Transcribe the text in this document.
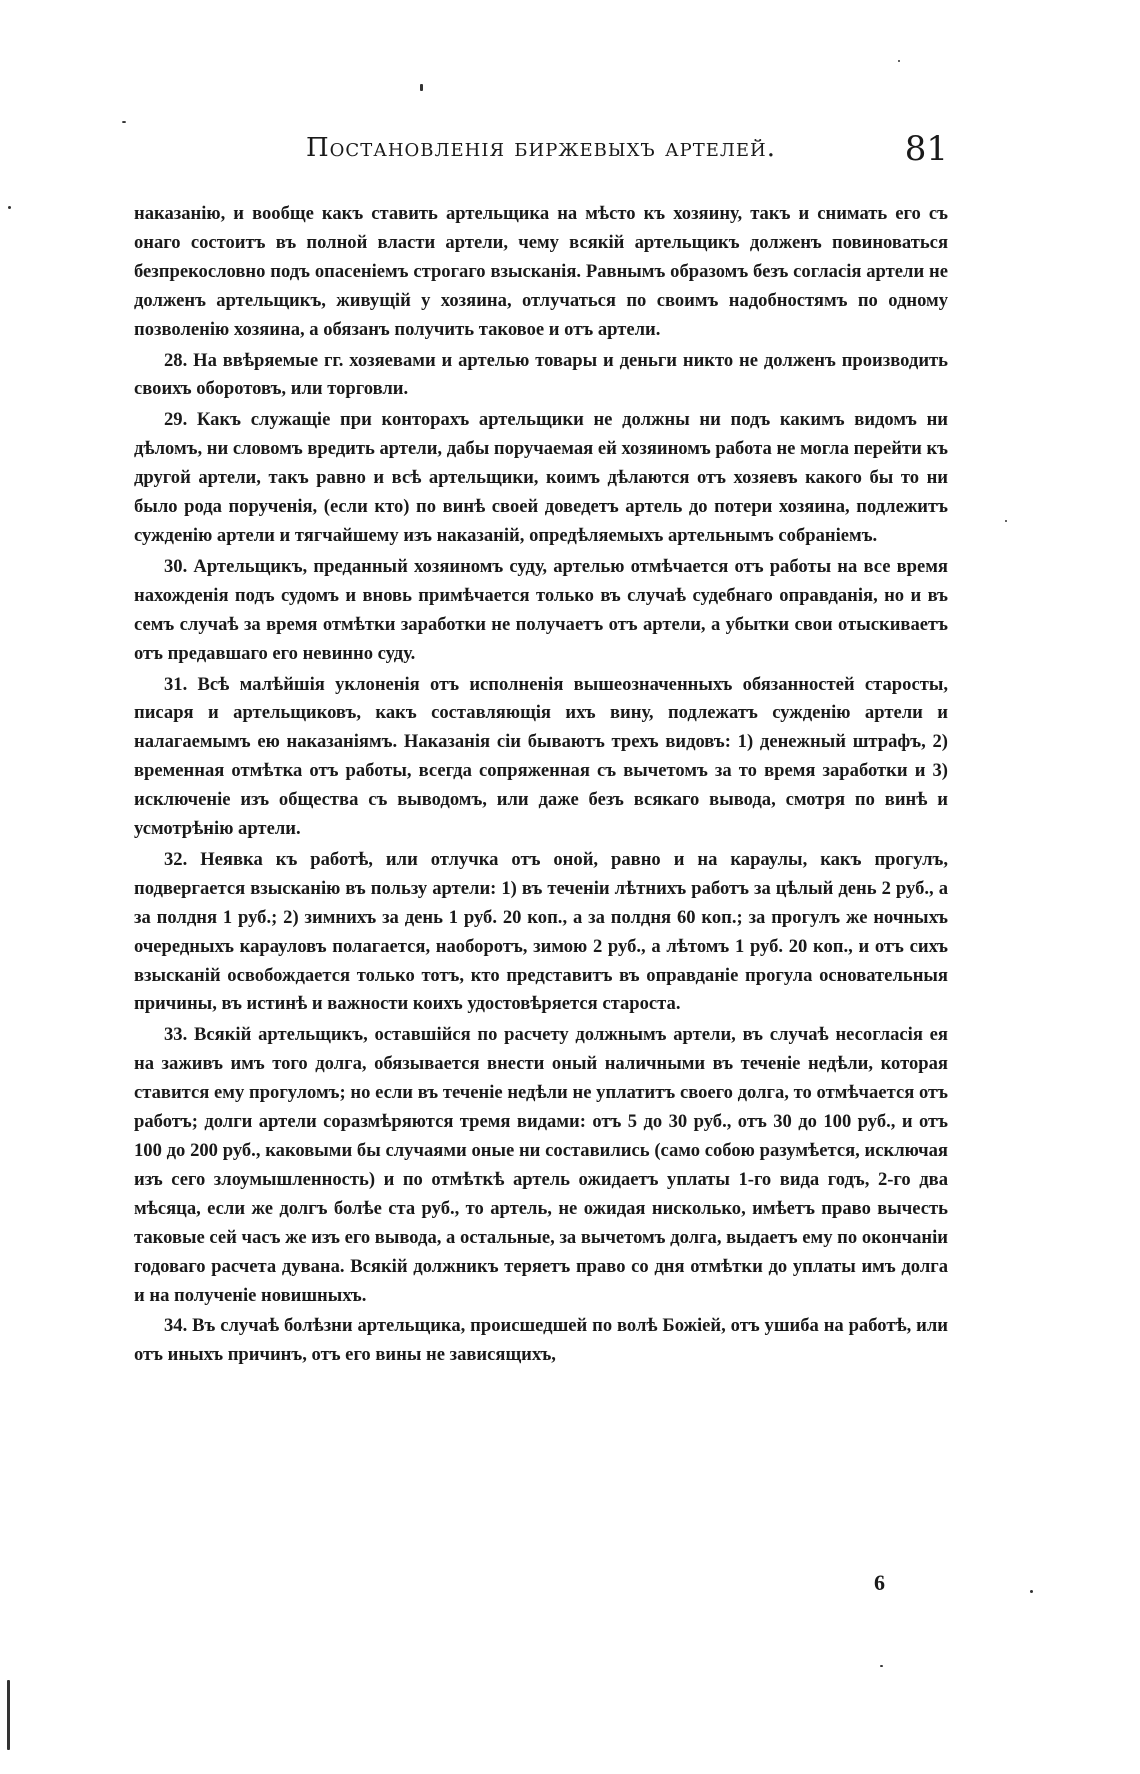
Постановленія биржевыхъ артелей.	81

наказанію, и вообще какъ ставить артельщика на мѣсто къ хозяину, такъ и снимать его съ онаго состоитъ въ полной власти артели, чему всякій артельщикъ долженъ повиноваться безпрекословно подъ опасеніемъ строгаго взысканія. Равнымъ образомъ безъ согласія артели не долженъ артельщикъ, живущій у хозяина, отлучаться по своимъ надобностямъ по одному позволенію хозяина, а обязанъ получить таковое и отъ артели.

28. На ввѣряемые гг. хозяевами и артелью товары и деньги никто не долженъ производить своихъ оборотовъ, или торговли.

29. Какъ служащіе при конторахъ артельщики не должны ни подъ какимъ видомъ ни дѣломъ, ни словомъ вредить артели, дабы поручаемая ей хозяиномъ работа не могла перейти къ другой артели, такъ равно и всѣ артельщики, коимъ дѣлаются отъ хозяевъ какого бы то ни было рода порученія, (если кто) по винѣ своей доведетъ артель до потери хозяина, подлежитъ сужденію артели и тягчайшему изъ наказаній, опредѣляемыхъ артельнымъ собраніемъ.

30. Артельщикъ, преданный хозяиномъ суду, артелью отмѣчается отъ работы на все время нахожденія подъ судомъ и вновь примѣчается только въ случаѣ судебнаго оправданія, но и въ семъ случаѣ за время отмѣтки заработки не получаетъ отъ артели, а убытки свои отыскиваетъ отъ предавшаго его невинно суду.

31. Всѣ малѣйшія уклоненія отъ исполненія вышеозначенныхъ обязанностей старосты, писаря и артельщиковъ, какъ составляющія ихъ вину, подлежатъ сужденію артели и налагаемымъ ею наказаніямъ. Наказанія сіи бываютъ трехъ видовъ: 1) денежный штрафъ, 2) временная отмѣтка отъ работы, всегда сопряженная съ вычетомъ за то время заработки и 3) исключеніе изъ общества съ выводомъ, или даже безъ всякаго вывода, смотря по винѣ и усмотрѣнію артели.

32. Неявка къ работѣ, или отлучка отъ оной, равно и на караулы, какъ прогулъ, подвергается взысканію въ пользу артели: 1) въ теченіи лѣтнихъ работъ за цѣлый день 2 руб., а за полдня 1 руб.; 2) зимнихъ за день 1 руб. 20 коп., а за полдня 60 коп.; за прогулъ же ночныхъ очередныхъ карауловъ полагается, наоборотъ, зимою 2 руб., а лѣтомъ 1 руб. 20 коп., и отъ сихъ взысканій освобождается только тотъ, кто представитъ въ оправданіе прогула основательныя причины, въ истинѣ и важности коихъ удостовѣряется староста.

33. Всякій артельщикъ, оставшійся по расчету должнымъ артели, въ случаѣ несогласія ея на заживъ имъ того долга, обязывается внести оный наличными въ теченіе недѣли, которая ставится ему прогуломъ; но если въ теченіе недѣли не уплатитъ своего долга, то отмѣчается отъ работъ; долги артели соразмѣряются тремя видами: отъ 5 до 30 руб., отъ 30 до 100 руб., и отъ 100 до 200 руб., каковыми бы случаями оные ни составились (само собою разумѣется, исключая изъ сего злоумышленность) и по отмѣткѣ артель ожидаетъ уплаты 1-го вида годъ, 2-го два мѣсяца, если же долгъ болѣе ста руб., то артель, не ожидая нисколько, имѣетъ право вычесть таковые сей часъ же изъ его вывода, а остальные, за вычетомъ долга, выдаетъ ему по окончаніи годоваго расчета дувана. Всякій должникъ теряетъ право со дня отмѣтки до уплаты имъ долга и на полученіе новишныхъ.

34. Въ случаѣ болѣзни артельщика, происшедшей по волѣ Божіей, отъ ушиба на работѣ, или отъ иныхъ причинъ, отъ его вины не зависящихъ,

6
